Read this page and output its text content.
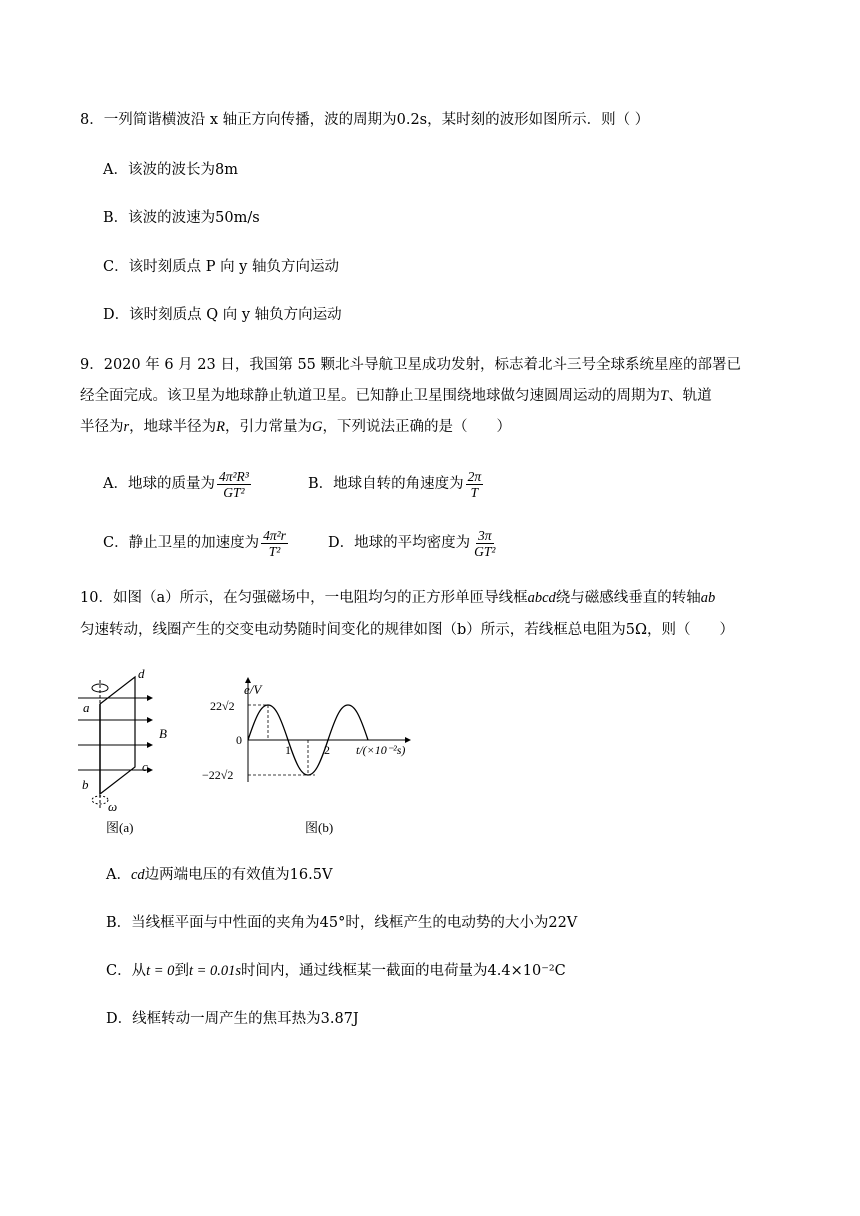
8．一列简谐横波沿 x 轴正方向传播，波的周期为0.2s，某时刻的波形如图所示．则（ ）
A．该波的波长为8m
B．该波的波速为50m/s
C．该时刻质点 P 向 y 轴负方向运动
D．该时刻质点 Q 向 y 轴负方向运动
9．2020 年 6 月 23 日，我国第 55 颗北斗导航卫星成功发射，标志着北斗三号全球系统星座的部署已
经全面完成。该卫星为地球静止轨道卫星。已知静止卫星围绕地球做匀速圆周运动的周期为T、轨道
半径为r，地球半径为R，引力常量为G，下列说法正确的是（　　）
A．地球的质量为 $\frac{\text{4π²R³}}{\text{GT²}}$	B．地球自转的角速度为 $\frac{2\pi}{T}$
C．静止卫星的加速度为 $\frac{\text{4π²r}}{\text{T²}}$	D．地球的平均密度为 $\frac{3\pi}{\text{GT²}}$
10．如图（a）所示，在匀强磁场中，一电阻均匀的正方形单匝导线框abcd绕与磁感线垂直的转轴ab
匀速转动，线圈产生的交变电动势随时间变化的规律如图（b）所示，若线框总电阻为5Ω，则（　　）
d
a
B
c
b
ω
图(a)
e/V
22√2
0
−22√2
1	2 t/(×10⁻²s)
图(b)
A．cd边两端电压的有效值为16.5V
B．当线框平面与中性面的夹角为45°时，线框产生的电动势的大小为22V
C．从t = 0到t = 0.01s时间内，通过线框某一截面的电荷量为4.4×10⁻²C
D．线框转动一周产生的焦耳热为3.87J
